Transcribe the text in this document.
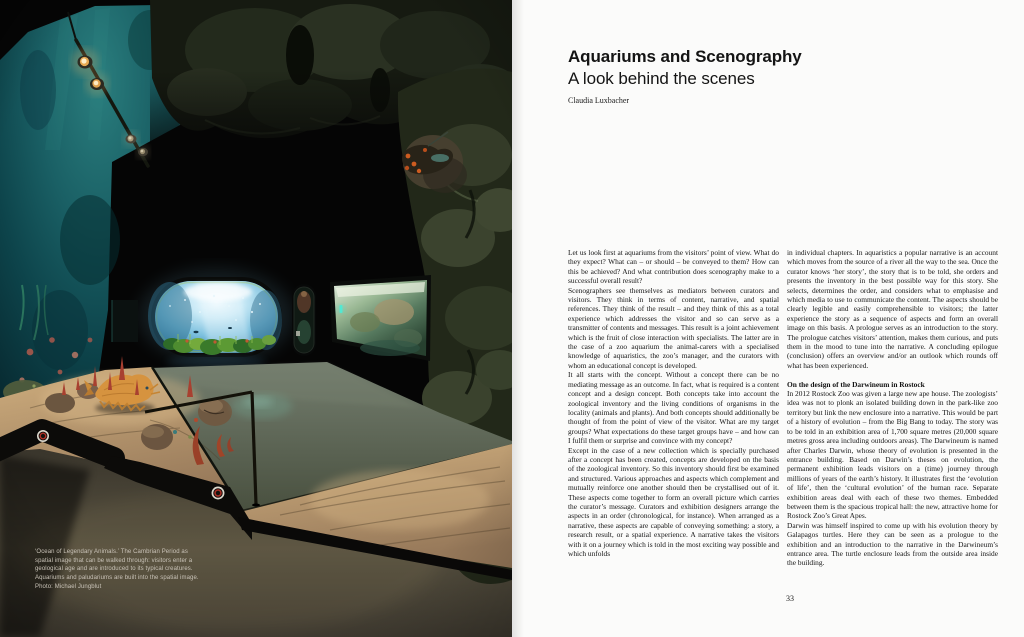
‘Ocean of Legendary Animals.’ The Cambrian Period as spatial image that can be walked through: visitors enter a geological age and are introduced to its typical creatures. Aquariums and paludariums are built into the spatial image.

Photo: Michael Jungblut

Aquariums and Scenography
A look behind the scenes
Claudia Luxbacher

Let us look first at aquariums from the visitors’ point of view. What do they expect? What can – or should – be conveyed to them? How can this be achieved? And what contribution does scenography make to a successful overall result?

Scenographers see themselves as mediators between curators and visitors. They think in terms of content, narrative, and spatial references. They think of the result – and they think of this as a total experience which addresses the visitor and so can serve as a transmitter of contents and messages. This result is a joint achievement which is the fruit of close interaction with specialists. The latter are in the case of a zoo aquarium the animal-carers with a specialised knowledge of aquaristics, the zoo’s manager, and the curators with whom an educational concept is developed.

It all starts with the concept. Without a concept there can be no mediating message as an outcome. In fact, what is required is a content concept and a design concept. Both concepts take into account the zoological inventory and the living conditions of organisms in the locality (animals and plants). And both concepts should additionally be thought of from the point of view of the visitor. What are my target groups? What expectations do these target groups have – and how can I fulfil them or surprise and convince with my concept?

Except in the case of a new collection which is specially purchased after a concept has been created, concepts are developed on the basis of the zoological inventory. So this inventory should first be examined and structured. Various approaches and aspects which complement and mutually reinforce one another should then be crystallised out of it. These aspects come together to form an overall picture which carries the curator’s message. Curators and exhibition designers arrange the aspects in an order (chronological, for instance). When arranged as a narrative, these aspects are capable of conveying something: a story, a research result, or a spatial experience. A narrative takes the visitors with it on a journey which is told in the most exciting way possible and which unfolds

in individual chapters. In aquaristics a popular narrative is an account which moves from the source of a river all the way to the sea. Once the curator knows ‘her story’, the story that is to be told, she orders and presents the inventory in the best possible way for this story. She selects, determines the order, and considers what to emphasise and which media to use to communicate the content. The aspects should be clearly legible and easily comprehensible to visitors; the latter experience the story as a sequence of aspects and form an overall image on this basis. A prologue serves as an introduction to the story. The prologue catches visitors’ attention, makes them curious, and puts them in the mood to tune into the narrative. A concluding epilogue (conclusion) offers an overview and/or an outlook which rounds off what has been experienced.

On the design of the Darwineum in Rostock

In 2012 Rostock Zoo was given a large new ape house. The zoologists’ idea was not to plonk an isolated building down in the park-like zoo territory but link the new enclosure into a narrative. This would be part of a history of evolution – from the Big Bang to today. The story was to be told in an exhibition area of 1,700 square metres (20,000 square metres gross area including outdoors areas). The Darwineum is named after Charles Darwin, whose theory of evolution is presented in the entrance building. Based on Darwin’s theses on evolution, the permanent exhibition leads visitors on a (time) journey through millions of years of the earth’s history. It illustrates first the ‘evolution of life’, then the ‘cultural evolution’ of the human race. Separate exhibition areas deal with each of these two themes. Embedded between them is the spacious tropical hall: the new, attractive home for Rostock Zoo’s Great Apes.

Darwin was himself inspired to come up with his evolution theory by Galapagos turtles. Here they can be seen as a prologue to the exhibition and an introduction to the narrative in the Darwineum’s entrance area. The turtle enclosure leads from the outside area inside the building.

33
